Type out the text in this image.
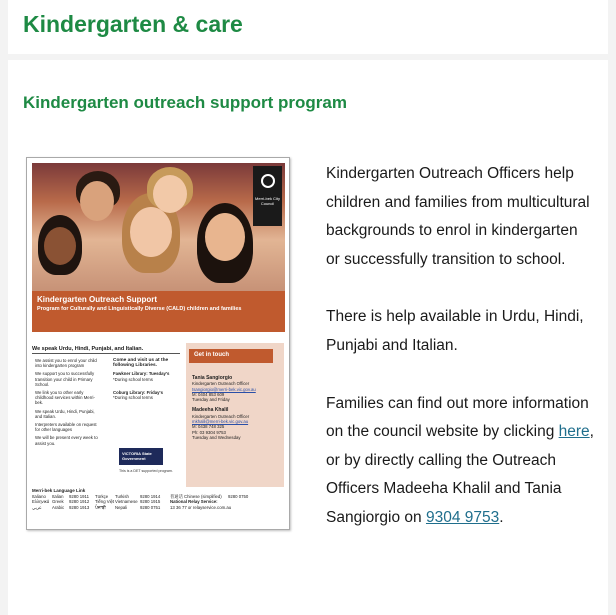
Kindergarten & care
Kindergarten outreach support program
Merri-bek City Council
Kindergarten Outreach Support
Program for Culturally and Linguistically Diverse (CALD) children and families
We speak Urdu, Hindi, Punjabi, and Italian.

We assist you to enrol your child into kindergarten program

We support you to successfully transition your child in Primary School.

We link you to other early childhood services within Merri-bek.

We speak Urdu, Hindi, Punjabi, and Italian.

Interpreters available on request for other languages

We will be present every week to assist you.

Come and visit us at the following Libraries.

Fawkner Library: Tuesday's
*During school terms

Coburg Library: Friday's
*During school terms

VICTORIA State Government
This is a DET supported program.
Get in touch
Tania Sangiorgio
Kindergarten Outreach Officer
tsangiorgio@merri-bek.vic.gov.au
M: 0404 853 609
Tuesday and Friday
Madeeha Khalil
Kindergarten Outreach Officer
mkhalil@merri-bek.vic.gov.au
M: 0438 748 325
Ph: 03 9304 9753
Tuesday and Wednesday
Merri-bek Language Link
Italiano	Italian	9280 1911	Türkçe	Turkish	9280 1914	普通话 Chinese (simplified)	9280 0750
Ελληνικά Greek	9280 1912	Tiếng Việt Vietnamese 9280 1915	National Relay Service:
عربي	Arabic	9280 1913	ਪੰਜਾਬੀ	Nepali	9280 0751	13 36 77 or relayservice.com.au

Kindergarten Outreach Officers help children and families from multicultural backgrounds to enrol in kindergarten or successfully transition to school.

There is help available in Urdu, Hindi, Punjabi and Italian.

Families can find out more information on the council website by clicking here, or by directly calling the Outreach Officers Madeeha Khalil and Tania Sangiorgio on 9304 9753.
